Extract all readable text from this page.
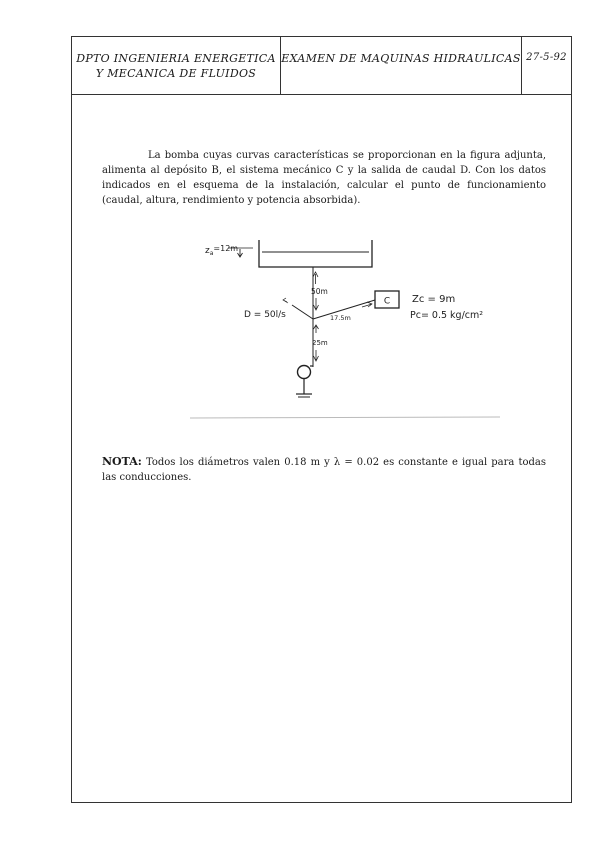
DPTO INGENIERIA ENERGETICA
Y MECANICA DE FLUIDOS
EXAMEN DE MAQUINAS HIDRAULICAS 27-5-92

La bomba cuyas curvas características se proporcionan en la figura adjunta, alimenta al depósito B, el sistema mecánico C y la salida de caudal D. Con los datos indicados en el esquema de la instalación, calcular el punto de funcionamiento (caudal, altura, rendimiento y potencia absorbida).

NOTA: Todos los diámetros valen 0.18 m y λ = 0.02 es constante e igual para todas las conducciones.

$z_a=12m$
50m
17.5m
C Zc = 9m
Pc= 0.5 kg/cm²
D = 50l/s
25m
